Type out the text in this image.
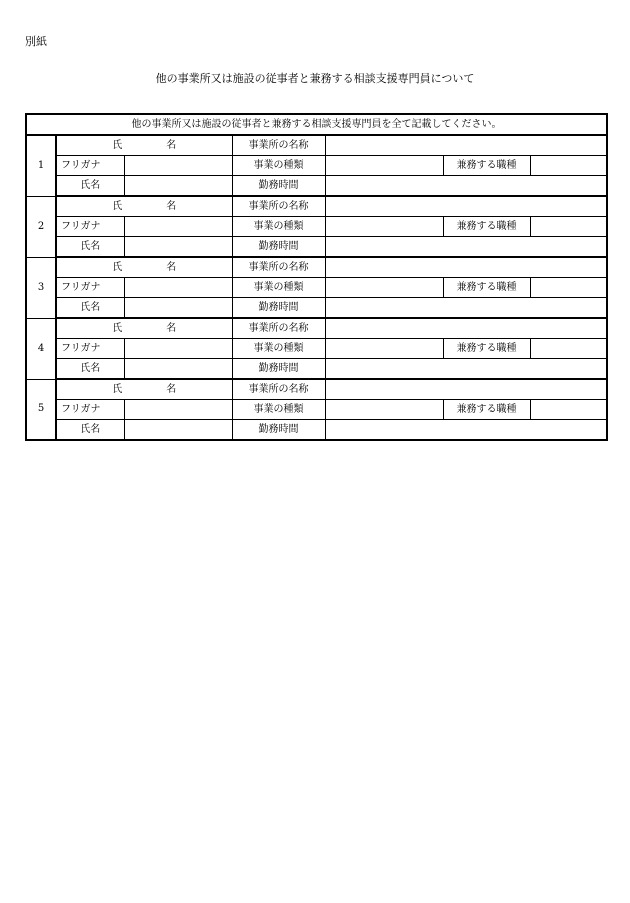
別紙
他の事業所又は施設の従事者と兼務する相談支援専門員について
他の事業所又は施設の従事者と兼務する相談支援専門員を全て記載してください。						
1	氏 名		事業所の名称			
	フリガナ		事業の種類		兼務する職種	
	氏名		勤務時間			
2	氏 名		事業所の名称			
	フリガナ		事業の種類		兼務する職種	
	氏名		勤務時間			
3	氏 名		事業所の名称			
	フリガナ		事業の種類		兼務する職種	
	氏名		勤務時間			
4	氏 名		事業所の名称			
	フリガナ		事業の種類		兼務する職種	
	氏名		勤務時間			
5	氏 名		事業所の名称			
	フリガナ		事業の種類		兼務する職種	
	氏名		勤務時間			
